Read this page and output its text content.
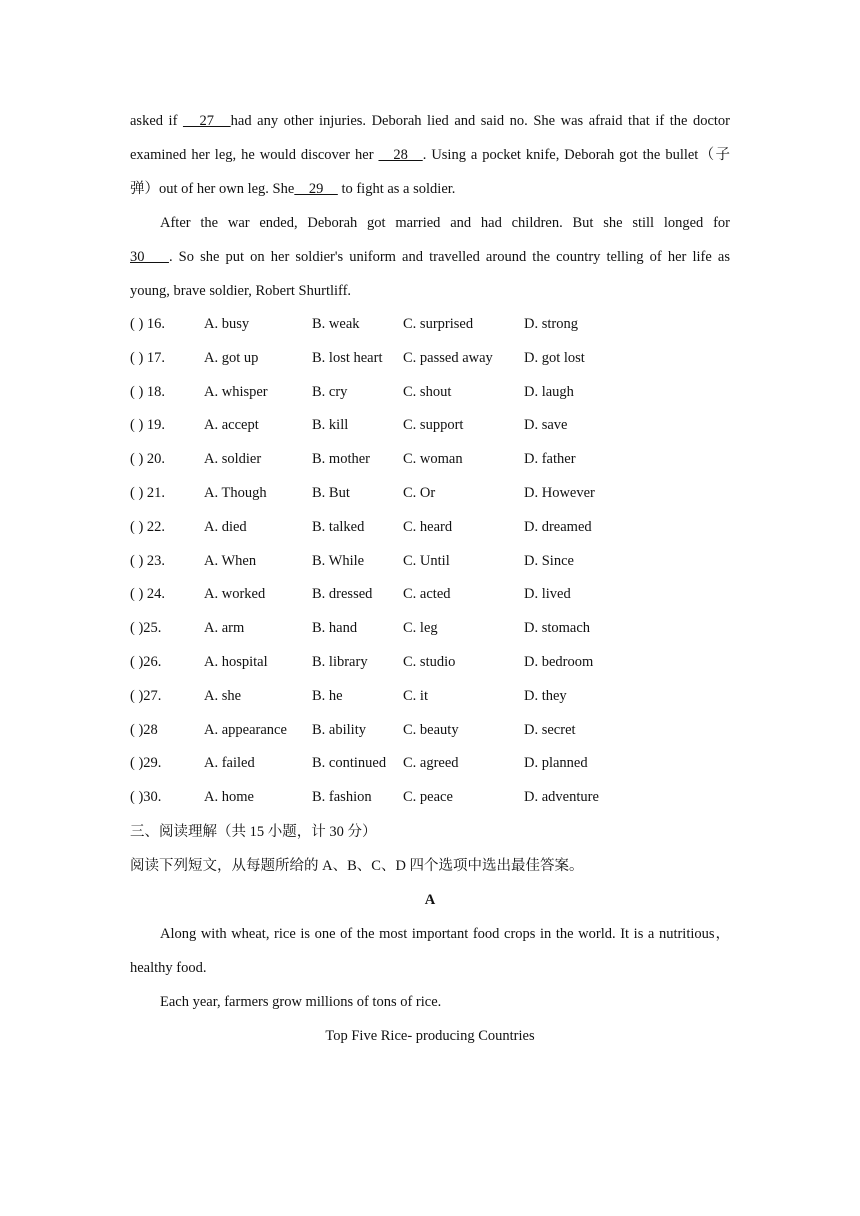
asked if    27   had any other injuries. Deborah lied and said no. She was afraid that if the doctor

examined her leg, he would discover her    28   . Using a pocket knife, Deborah got the bullet（子

弹）out of her own leg. She    29     to fight as a soldier.

After the war ended, Deborah got married and had children. But she still longed for

30    . So she put on her soldier's uniform and travelled around the country telling of her life as

young, brave soldier, Robert Shurtliff.

( ) 16.	A. busy	B. weak	C. surprised	D. strong
( ) 17.	A. got up	B. lost heart C. passed away D. got lost
( ) 18.	A. whisper	B. cry	C. shout	D. laugh
( ) 19.	A. accept	B. kill	C. support	D. save
( ) 20.	A. soldier	B. mother C. woman	D. father
( ) 21.	A. Though	B. But	C. Or	D. However
( ) 22.	A. died	B. talked	C. heard	D. dreamed
( ) 23.	A. When	B. While	C. Until	D. Since
( ) 24.	A. worked	B. dressed C. acted	D. lived
( )25.	A. arm	B. hand	C. leg	D. stomach
( )26.	A. hospital	B. library C. studio	D. bedroom
( )27.	A. she	B. he	C. it	D. they
( )28	A. appearance B. ability	C. beauty	D. secret
( )29.	A. failed	B. continued C. agreed	D. planned
( )30.	A. home	B. fashion C. peace	D. adventure

三、阅读理解（共 15 小题，计 30 分）

阅读下列短文，从每题所给的 A、B、C、D 四个选项中选出最佳答案。

A

Along with wheat, rice is one of the most important food crops in the world. It is a nutritious，healthy food.

Each year, farmers grow millions of tons of rice.

Top Five Rice- producing Countries
